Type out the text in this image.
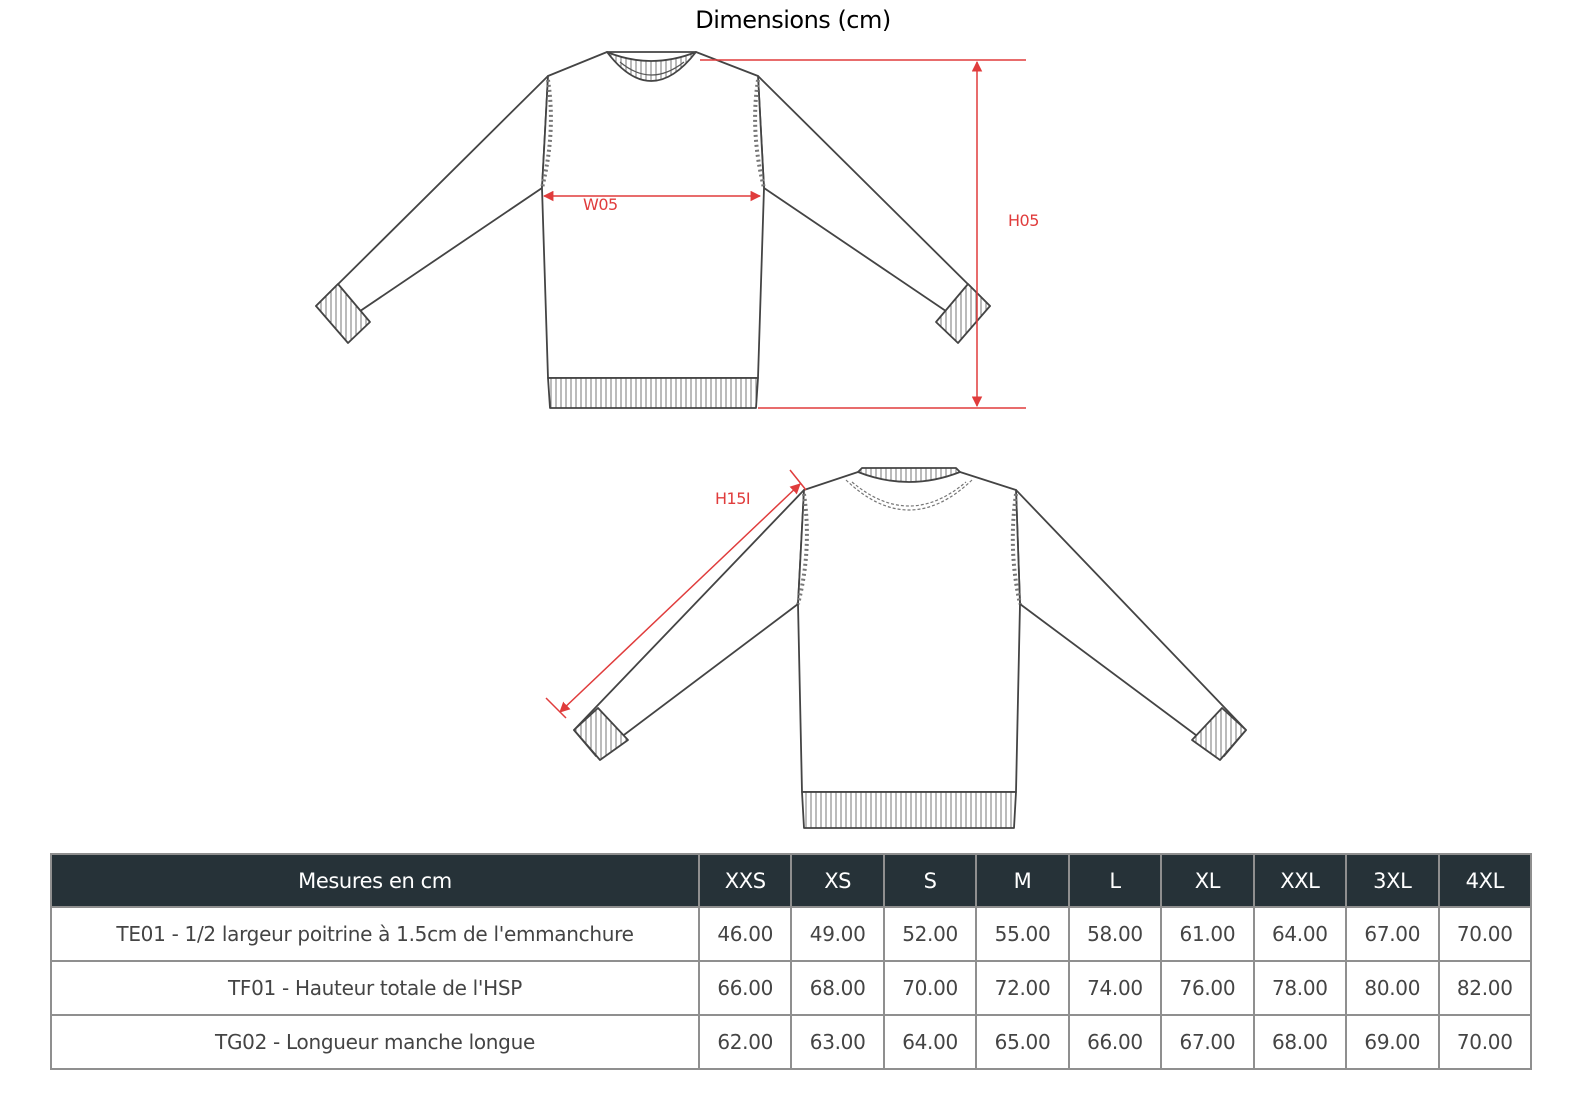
Dimensions (cm)
W05
H05
H15I
Mesures en cm	XXS	XS	S	M	L	XL	XXL	3XL	4XL
TE01 - 1/2 largeur poitrine à 1.5cm de l'emmanchure	46.00	49.00	52.00	55.00	58.00	61.00	64.00	67.00	70.00
TF01 - Hauteur totale de l'HSP	66.00	68.00	70.00	72.00	74.00	76.00	78.00	80.00	82.00
TG02 - Longueur manche longue	62.00	63.00	64.00	65.00	66.00	67.00	68.00	69.00	70.00
